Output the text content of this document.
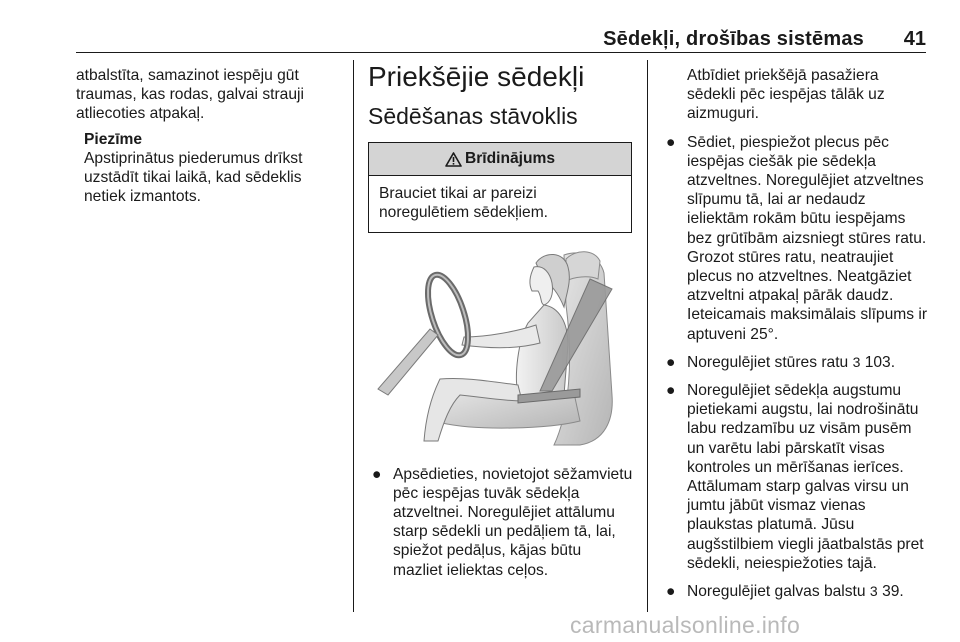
Sēdekļi, drošības sistēmas 41

atbalstīta, samazinot iespēju gūt traumas, kas rodas, galvai strauji atliecoties atpakaļ.

Piezīme

Apstiprinātus piederumus drīkst uzstādīt tikai laikā, kad sēdeklis netiek izmantots.

Priekšējie sēdekļi
Sēdēšanas stāvoklis
Brīdinājums
Brauciet tikai ar pareizi noregulētiem sēdekļiem.
● Apsēdieties, novietojot sēžamvietu pēc iespējas tuvāk sēdekļa atzveltnei. Noregulējiet attālumu starp sēdekli un pedāļiem tā, lai, spiežot pedāļus, kājas būtu mazliet ieliektas ceļos.

Atbīdiet priekšējā pasažiera sēdekli pēc iespējas tālāk uz aizmuguri.

● Sēdiet, piespiežot plecus pēc iespējas ciešāk pie sēdekļa atzveltnes. Noregulējiet atzveltnes slīpumu tā, lai ar nedaudz ieliektām rokām būtu iespējams bez grūtībām aizsniegt stūres ratu. Grozot stūres ratu, neatraujiet plecus no atzveltnes. Neatgāziet atzveltni atpakaļ pārāk daudz. Ieteicamais maksimālais slīpums ir aptuveni 25°.
● Noregulējiet stūres ratu 3 103.
● Noregulējiet sēdekļa augstumu pietiekami augstu, lai nodrošinātu labu redzamību uz visām pusēm un varētu labi pārskatīt visas kontroles un mērīšanas ierīces. Attālumam starp galvas virsu un jumtu jābūt vismaz vienas plaukstas platumā. Jūsu augšstilbiem viegli jāatbalstās pret sēdekli, neiespiežoties tajā.
● Noregulējiet galvas balstu 3 39.
carmanualsonline.info
